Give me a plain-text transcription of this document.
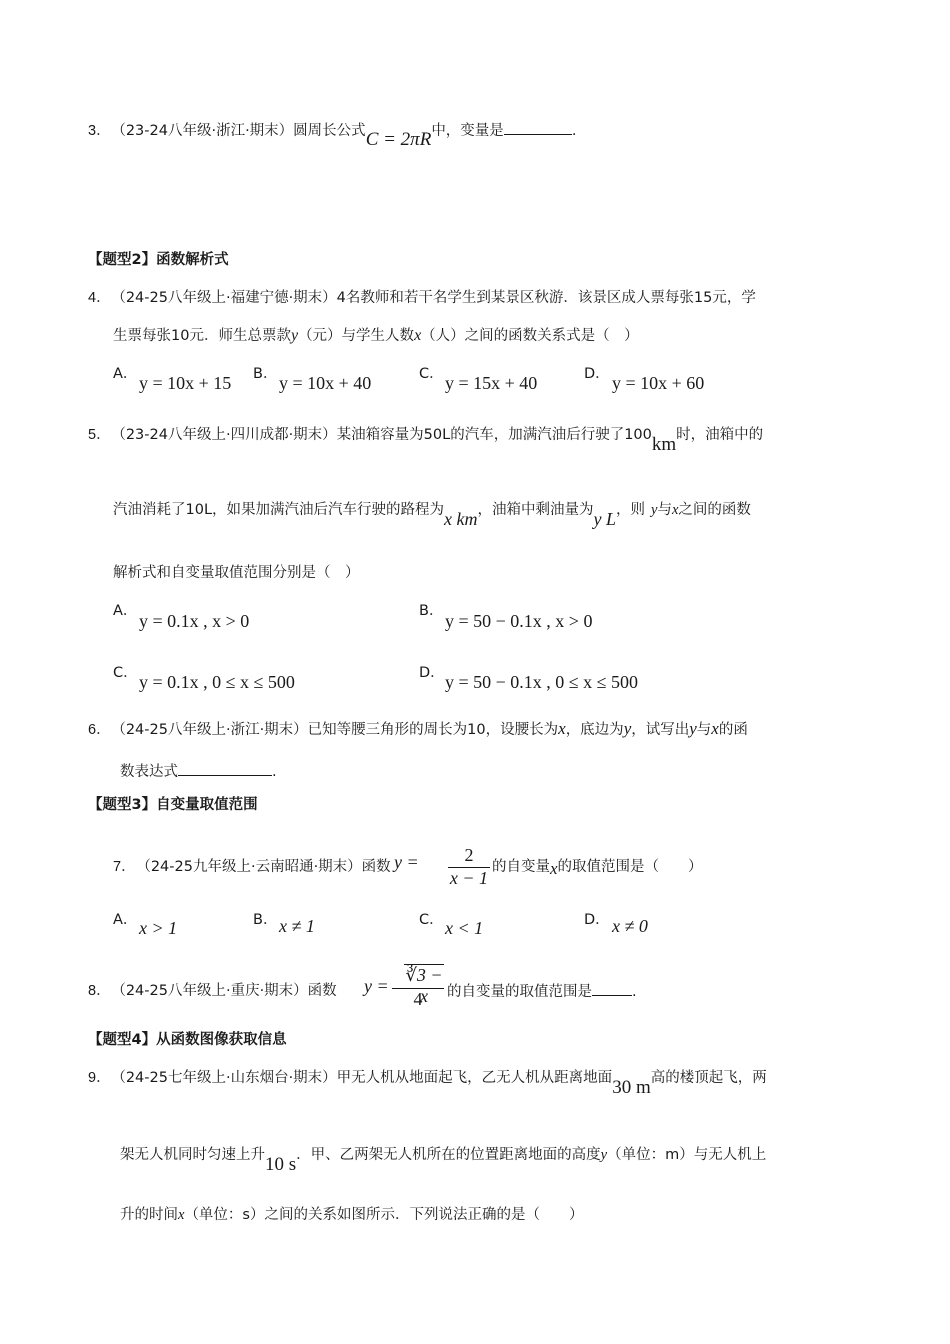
3． （23-24八年级·浙江·期末）圆周长公式C = 2πR中，变量是	.
【题型2】函数解析式
4． （24-25八年级上·福建宁德·期末）4名教师和若干名学生到某景区秋游．该景区成人票每张15元，学
生票每张10元．师生总票款y（元）与学生人数x（人）之间的函数关系式是（　）
A． y = 10x + 15 B． y = 10x + 40	C． y = 15x + 40	D． y = 10x + 60
5． （23-24八年级上·四川成都·期末）某油箱容量为50L的汽车，加满汽油后行驶了100km时，油箱中的
汽油消耗了10L，如果加满汽油后汽车行驶的路程为x km，油箱中剩油量为y L，则 y与x之间的函数
解析式和自变量取值范围分别是（　）
A． y = 0.1x , x > 0	B． y = 50 − 0.1x , x > 0
C． y = 0.1x , 0 ≤ x ≤ 500	D． y = 50 − 0.1x , 0 ≤ x ≤ 500
6． （24-25八年级上·浙江·期末）已知等腰三角形的周长为10，设腰长为x，底边为y，试写出y与x的函
数表达式	.
【题型3】自变量取值范围
7． （24-25九年级上·云南昭通·期末）函数 y =	2
x − 1
的自变量x的取值范围是（　　）
A． x > 1	B． x ≠ 1	C． x < 1	D． x ≠ 0
8． （24-25八年级上·重庆·期末）函数 y =
∛3 − x
4	的自变量的取值范围是	.
【题型4】从函数图像获取信息
9． （24-25七年级上·山东烟台·期末）甲无人机从地面起飞，乙无人机从距离地面30 m高的楼顶起飞，两
架无人机同时匀速上升10 s．甲、乙两架无人机所在的位置距离地面的高度y（单位：m）与无人机上
升的时间x（单位：s）之间的关系如图所示．下列说法正确的是（　　）
